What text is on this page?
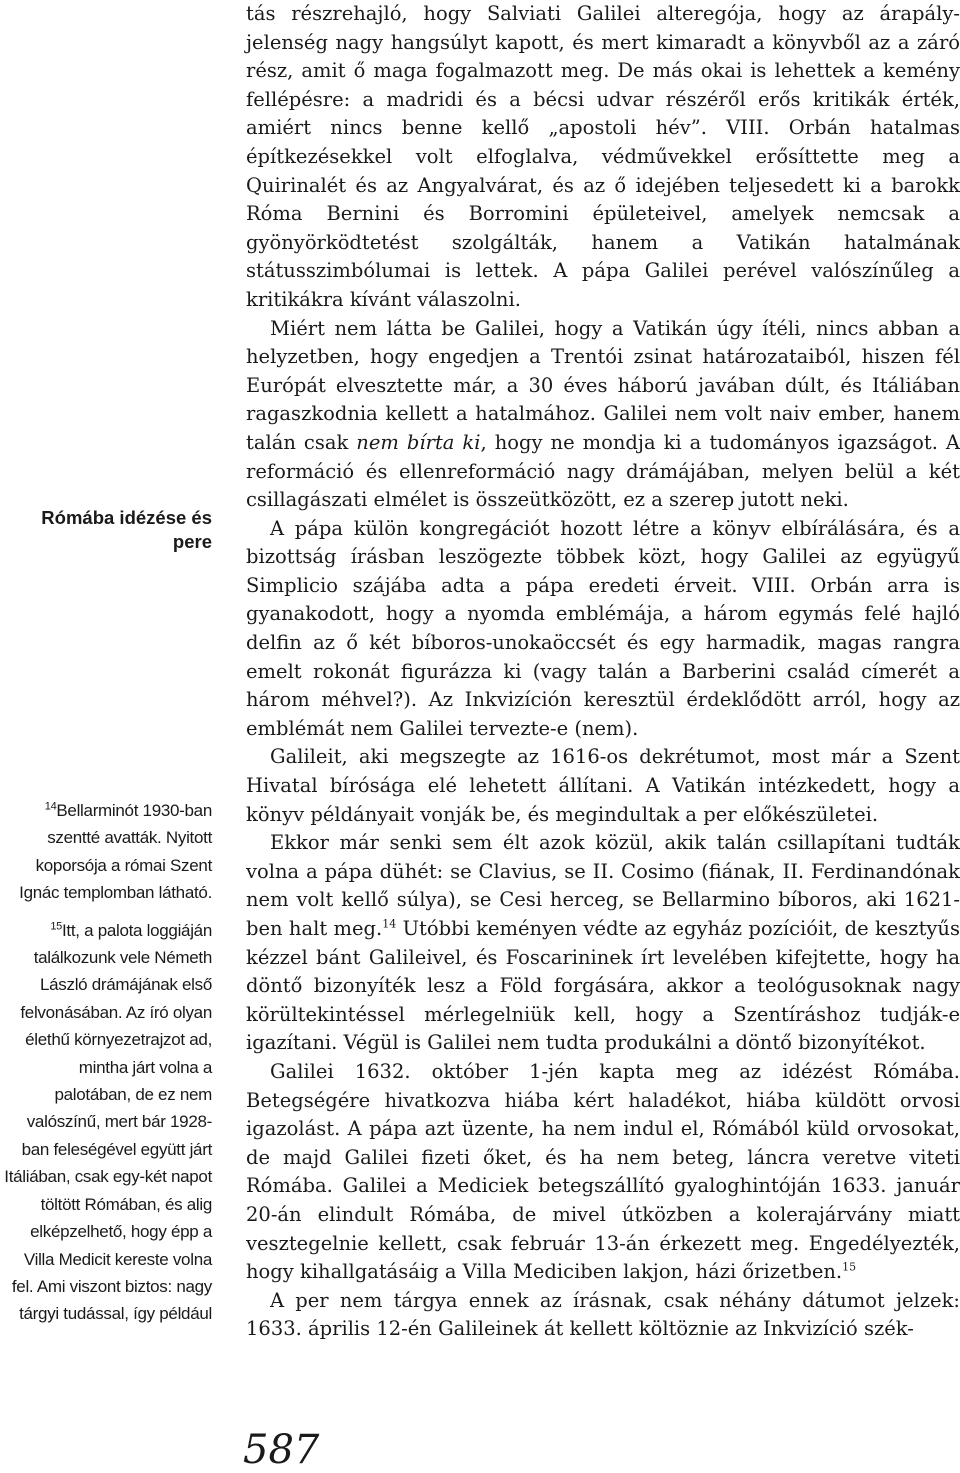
tás részrehajló, hogy Salviati Galilei alteregója, hogy az árapály-jelenség nagy hangsúlyt kapott, és mert kimaradt a könyvből az a záró rész, amit ő maga fogalmazott meg. De más okai is lehettek a kemény fellépésre: a madridi és a bécsi udvar részéről erős kritikák érték, amiért nincs benne kellő „apostoli hév”. VIII. Orbán hatalmas építkezésekkel volt elfoglalva, védművekkel erősíttette meg a Quirinalét és az Angyalvárat, és az ő idejében teljesedett ki a barokk Róma Bernini és Borromini épületeivel, amelyek nemcsak a gyönyörködtetést szolgálták, hanem a Vatikán hatalmának státusszimbólumai is lettek. A pápa Galilei perével valószínűleg a kritikákra kívánt válaszolni.

Miért nem látta be Galilei, hogy a Vatikán úgy ítéli, nincs abban a helyzetben, hogy engedjen a Trentói zsinat határozataiból, hiszen fél Európát elvesztette már, a 30 éves háború javában dúlt, és Itáliában ragaszkodnia kellett a hatalmához. Galilei nem volt naiv ember, hanem talán csak nem bírta ki, hogy ne mondja ki a tudományos igazságot. A reformáció és ellenreformáció nagy drámájában, melyen belül a két csillagászati elmélet is összeütközött, ez a szerep jutott neki.

A pápa külön kongregációt hozott létre a könyv elbírálására, és a bizottság írásban leszögezte többek közt, hogy Galilei az együgyű Simplicio szájába adta a pápa eredeti érveit. VIII. Orbán arra is gyanakodott, hogy a nyomda emblémája, a három egymás felé hajló delfin az ő két bíboros-unokaöccsét és egy harmadik, magas rangra emelt rokonát figurázza ki (vagy talán a Barberini család címerét a három méhvel?). Az Inkvizíción keresztül érdeklődött arról, hogy az emblémát nem Galilei tervezte-e (nem).

Galileit, aki megszegte az 1616-os dekrétumot, most már a Szent Hivatal bírósága elé lehetett állítani. A Vatikán intézkedett, hogy a könyv példányait vonják be, és megindultak a per előkészületei.

Ekkor már senki sem élt azok közül, akik talán csillapítani tudták volna a pápa dühét: se Clavius, se II. Cosimo (fiának, II. Ferdinandónak nem volt kellő súlya), se Cesi herceg, se Bellarmino bíboros, aki 1621-ben halt meg.$^{14}$ Utóbbi keményen védte az egyház pozícióit, de kesztyűs kézzel bánt Galileivel, és Foscarininek írt levelében kifejtette, hogy ha döntő bizonyíték lesz a Föld forgására, akkor a teológusoknak nagy körültekintéssel mérlegelniük kell, hogy a Szentíráshoz tudják-e igazítani. Végül is Galilei nem tudta produkálni a döntő bizonyítékot.

Galilei 1632. október 1-jén kapta meg az idézést Rómába. Betegségére hivatkozva hiába kért haladékot, hiába küldött orvosi igazolást. A pápa azt üzente, ha nem indul el, Rómából küld orvosokat, de majd Galilei fizeti őket, és ha nem beteg, láncra veretve viteti Rómába. Galilei a Mediciek betegszállító gyaloghintóján 1633. január 20-án elindult Rómába, de mivel útközben a kolerajárvány miatt vesztegelnie kellett, csak február 13-án érkezett meg. Engedélyezték, hogy kihallgatásáig a Villa Mediciben lakjon, házi őrizetben.$^{15}$

A per nem tárgya ennek az írásnak, csak néhány dátumot jelzek: 1633. április 12-én Galileinek át kellett költöznie az Inkvizíció szék-

Rómába idézése és pere

$^{14}$Bellarminót 1930-ban szentté avatták. Nyitott koporsója a római Szent Ignác templomban látható.

$^{15}$Itt, a palota loggiáján találkozunk vele Németh László drámájának első felvonásában. Az író olyan élethű környezetrajzot ad, mintha járt volna a palotában, de ez nem valószínű, mert bár 1928-ban feleségével együtt járt Itáliában, csak egy-két napot töltött Rómában, és alig elképzelhető, hogy épp a Villa Medicit kereste volna fel. Ami viszont biztos: nagy tárgyi tudással, így például

587
